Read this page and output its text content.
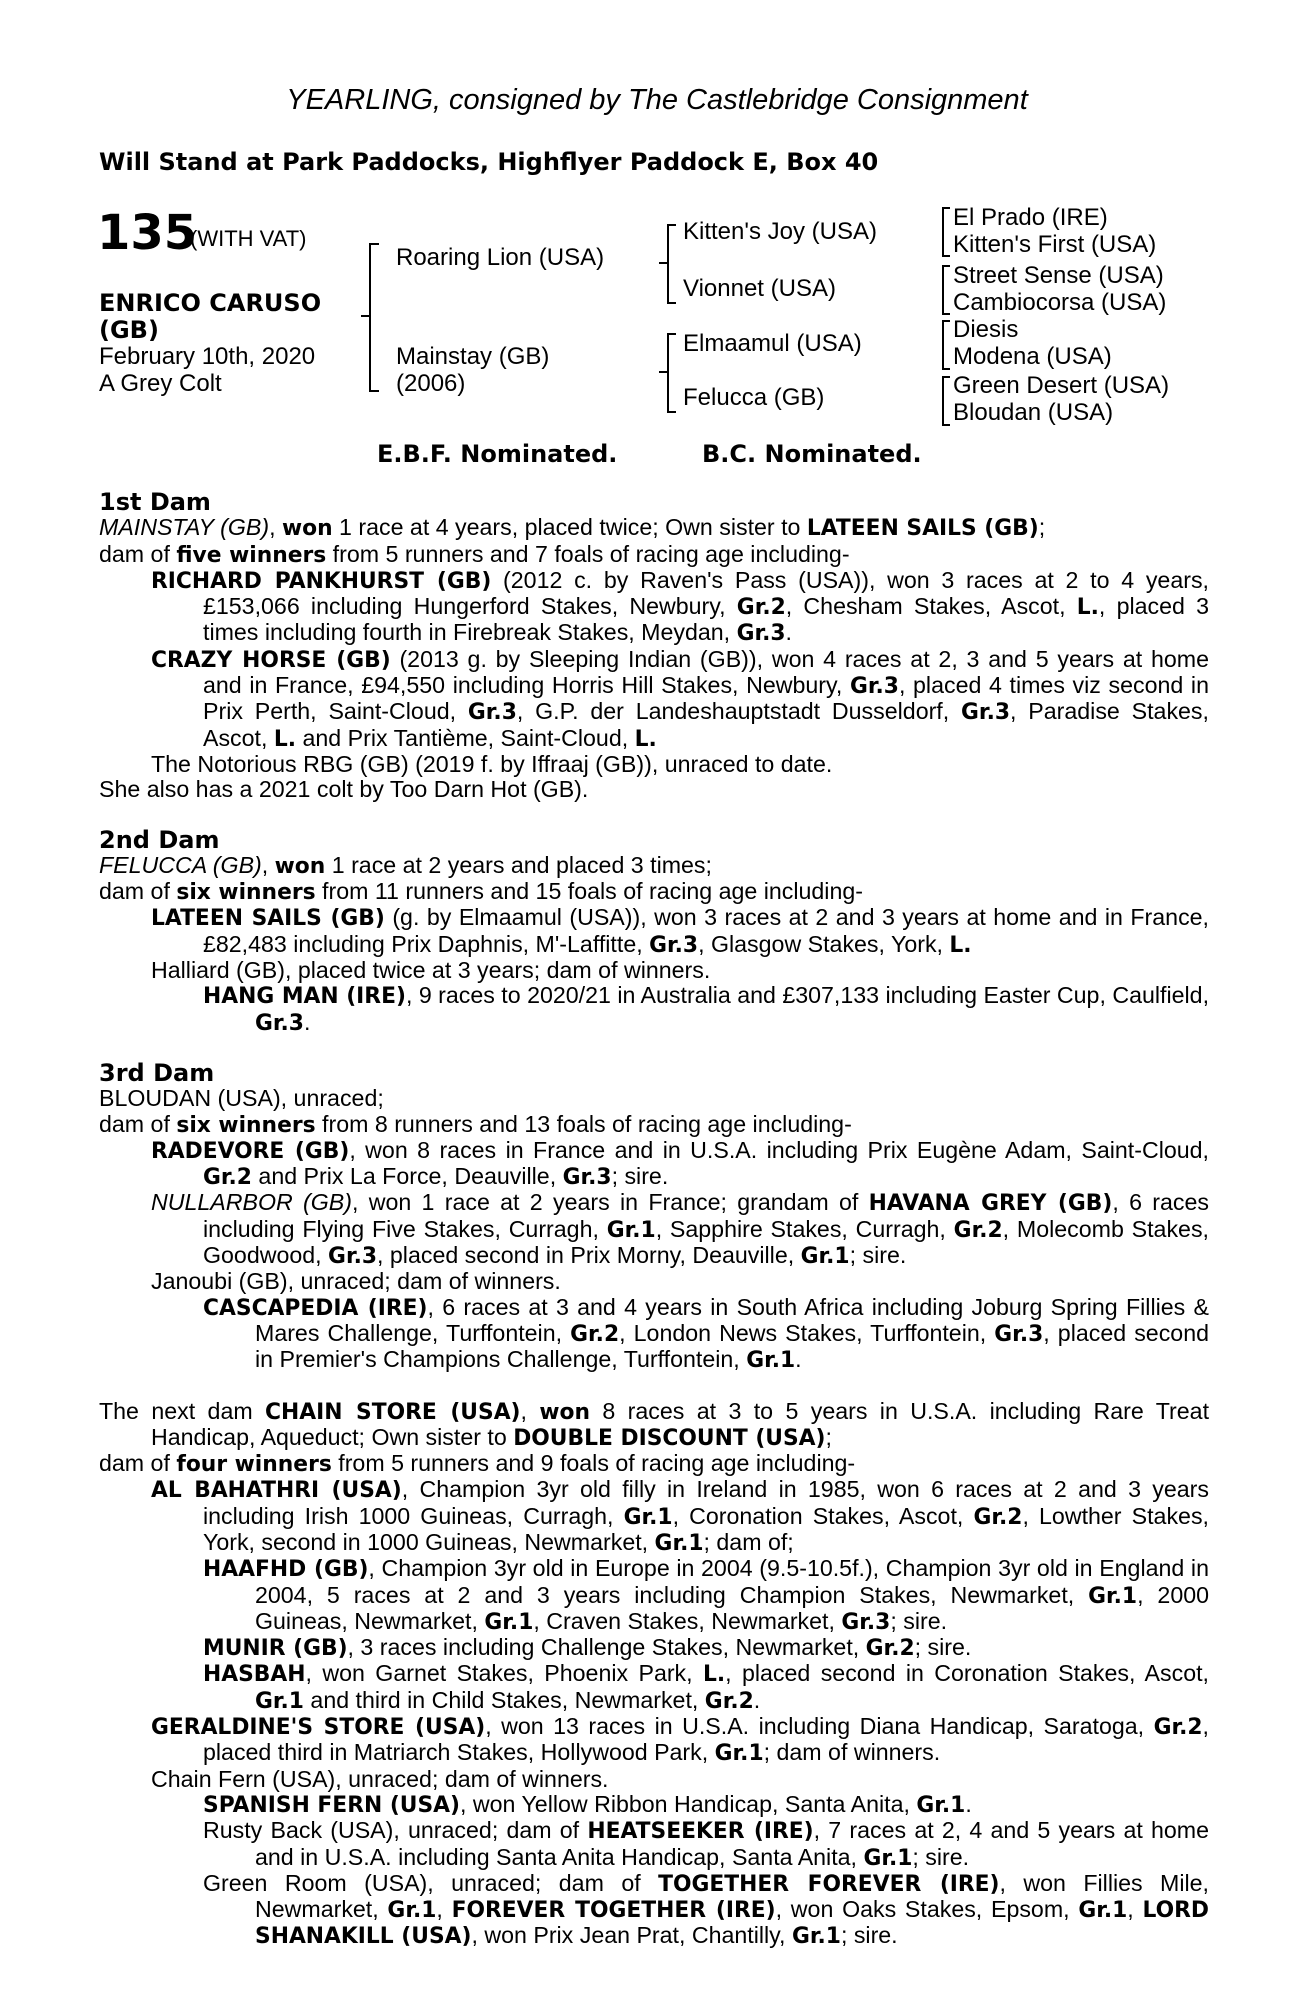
YEARLING, consigned by The Castlebridge Consignment
Will Stand at Park Paddocks, Highflyer Paddock E, Box 40
135
(WITH VAT)
ENRICO CARUSO
(GB)
February 10th, 2020
A Grey Colt
Roaring Lion (USA)
Mainstay (GB)
(2006)
Kitten's Joy (USA)
Vionnet (USA)
Elmaamul (USA)
Felucca (GB)
El Prado (IRE)
Kitten's First (USA)
Street Sense (USA)
Cambiocorsa (USA)
Diesis
Modena (USA)
Green Desert (USA)
Bloudan (USA)
E.B.F. Nominated.	B.C. Nominated.

1st Dam

MAINSTAY (GB), won 1 race at 4 years, placed twice; Own sister to LATEEN SAILS (GB);

dam of five winners from 5 runners and 7 foals of racing age including-

RICHARD PANKHURST (GB) (2012 c. by Raven's Pass (USA)), won 3 races at 2 to 4 years, £153,066 including Hungerford Stakes, Newbury, Gr.2, Chesham Stakes, Ascot, L., placed 3 times including fourth in Firebreak Stakes, Meydan, Gr.3.

CRAZY HORSE (GB) (2013 g. by Sleeping Indian (GB)), won 4 races at 2, 3 and 5 years at home and in France, £94,550 including Horris Hill Stakes, Newbury, Gr.3, placed 4 times viz second in Prix Perth, Saint-Cloud, Gr.3, G.P. der Landeshauptstadt Dusseldorf, Gr.3, Paradise Stakes, Ascot, L. and Prix Tantième, Saint-Cloud, L.

The Notorious RBG (GB) (2019 f. by Iffraaj (GB)), unraced to date.

She also has a 2021 colt by Too Darn Hot (GB).

2nd Dam

FELUCCA (GB), won 1 race at 2 years and placed 3 times;

dam of six winners from 11 runners and 15 foals of racing age including-

LATEEN SAILS (GB) (g. by Elmaamul (USA)), won 3 races at 2 and 3 years at home and in France, £82,483 including Prix Daphnis, M'-Laffitte, Gr.3, Glasgow Stakes, York, L.

Halliard (GB), placed twice at 3 years; dam of winners.

HANG MAN (IRE), 9 races to 2020/21 in Australia and £307,133 including Easter Cup, Caulfield, Gr.3.

3rd Dam

BLOUDAN (USA), unraced;

dam of six winners from 8 runners and 13 foals of racing age including-

RADEVORE (GB), won 8 races in France and in U.S.A. including Prix Eugène Adam, Saint-Cloud, Gr.2 and Prix La Force, Deauville, Gr.3; sire.

NULLARBOR (GB), won 1 race at 2 years in France; grandam of HAVANA GREY (GB), 6 races including Flying Five Stakes, Curragh, Gr.1, Sapphire Stakes, Curragh, Gr.2, Molecomb Stakes, Goodwood, Gr.3, placed second in Prix Morny, Deauville, Gr.1; sire.

Janoubi (GB), unraced; dam of winners.

CASCAPEDIA (IRE), 6 races at 3 and 4 years in South Africa including Joburg Spring Fillies & Mares Challenge, Turffontein, Gr.2, London News Stakes, Turffontein, Gr.3, placed second in Premier's Champions Challenge, Turffontein, Gr.1.

The next dam CHAIN STORE (USA), won 8 races at 3 to 5 years in U.S.A. including Rare Treat Handicap, Aqueduct; Own sister to DOUBLE DISCOUNT (USA);

dam of four winners from 5 runners and 9 foals of racing age including-

AL BAHATHRI (USA), Champion 3yr old filly in Ireland in 1985, won 6 races at 2 and 3 years including Irish 1000 Guineas, Curragh, Gr.1, Coronation Stakes, Ascot, Gr.2, Lowther Stakes, York, second in 1000 Guineas, Newmarket, Gr.1; dam of;

HAAFHD (GB), Champion 3yr old in Europe in 2004 (9.5-10.5f.), Champion 3yr old in England in 2004, 5 races at 2 and 3 years including Champion Stakes, Newmarket, Gr.1, 2000 Guineas, Newmarket, Gr.1, Craven Stakes, Newmarket, Gr.3; sire.

MUNIR (GB), 3 races including Challenge Stakes, Newmarket, Gr.2; sire.

HASBAH, won Garnet Stakes, Phoenix Park, L., placed second in Coronation Stakes, Ascot, Gr.1 and third in Child Stakes, Newmarket, Gr.2.

GERALDINE'S STORE (USA), won 13 races in U.S.A. including Diana Handicap, Saratoga, Gr.2, placed third in Matriarch Stakes, Hollywood Park, Gr.1; dam of winners.

Chain Fern (USA), unraced; dam of winners.

SPANISH FERN (USA), won Yellow Ribbon Handicap, Santa Anita, Gr.1.

Rusty Back (USA), unraced; dam of HEATSEEKER (IRE), 7 races at 2, 4 and 5 years at home and in U.S.A. including Santa Anita Handicap, Santa Anita, Gr.1; sire.

Green Room (USA), unraced; dam of TOGETHER FOREVER (IRE), won Fillies Mile, Newmarket, Gr.1, FOREVER TOGETHER (IRE), won Oaks Stakes, Epsom, Gr.1, LORD SHANAKILL (USA), won Prix Jean Prat, Chantilly, Gr.1; sire.
